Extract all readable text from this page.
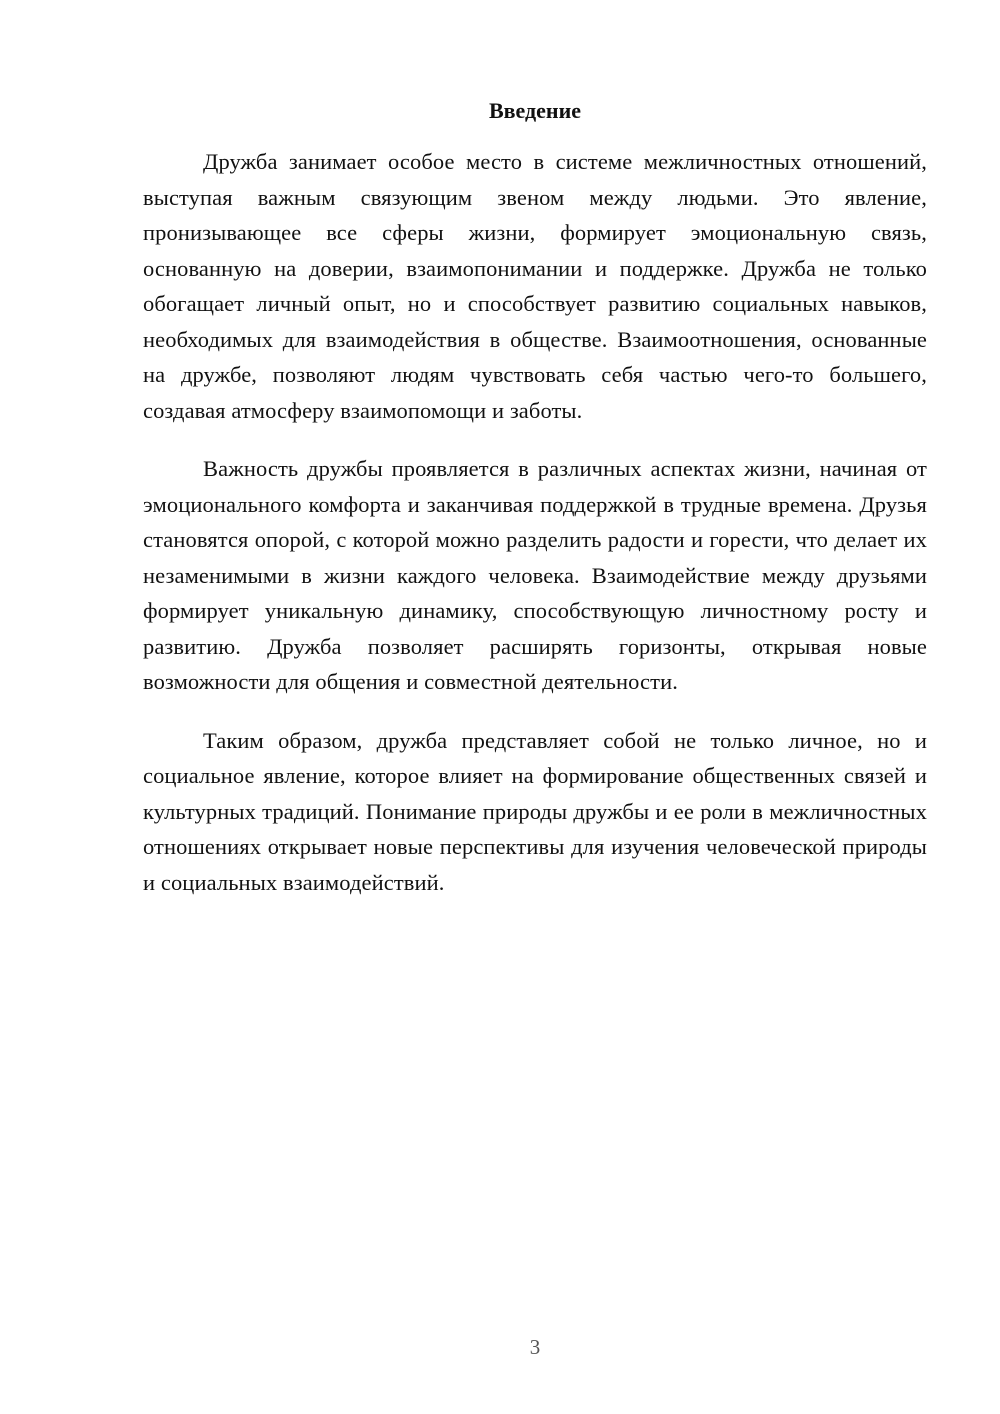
Введение

Дружба занимает особое место в системе межличностных отношений, выступая важным связующим звеном между людьми. Это явление, пронизывающее все сферы жизни, формирует эмоциональную связь, основанную на доверии, взаимопонимании и поддержке. Дружба не только обогащает личный опыт, но и способствует развитию социальных навыков, необходимых для взаимодействия в обществе. Взаимоотношения, основанные на дружбе, позволяют людям чувствовать себя частью чего-то большего, создавая атмосферу взаимопомощи и заботы.

Важность дружбы проявляется в различных аспектах жизни, начиная от эмоционального комфорта и заканчивая поддержкой в трудные времена. Друзья становятся опорой, с которой можно разделить радости и горести, что делает их незаменимыми в жизни каждого человека. Взаимодействие между друзьями формирует уникальную динамику, способствующую личностному росту и развитию. Дружба позволяет расширять горизонты, открывая новые возможности для общения и совместной деятельности.

Таким образом, дружба представляет собой не только личное, но и социальное явление, которое влияет на формирование общественных связей и культурных традиций. Понимание природы дружбы и ее роли в межличностных отношениях открывает новые перспективы для изучения человеческой природы и социальных взаимодействий.

3
